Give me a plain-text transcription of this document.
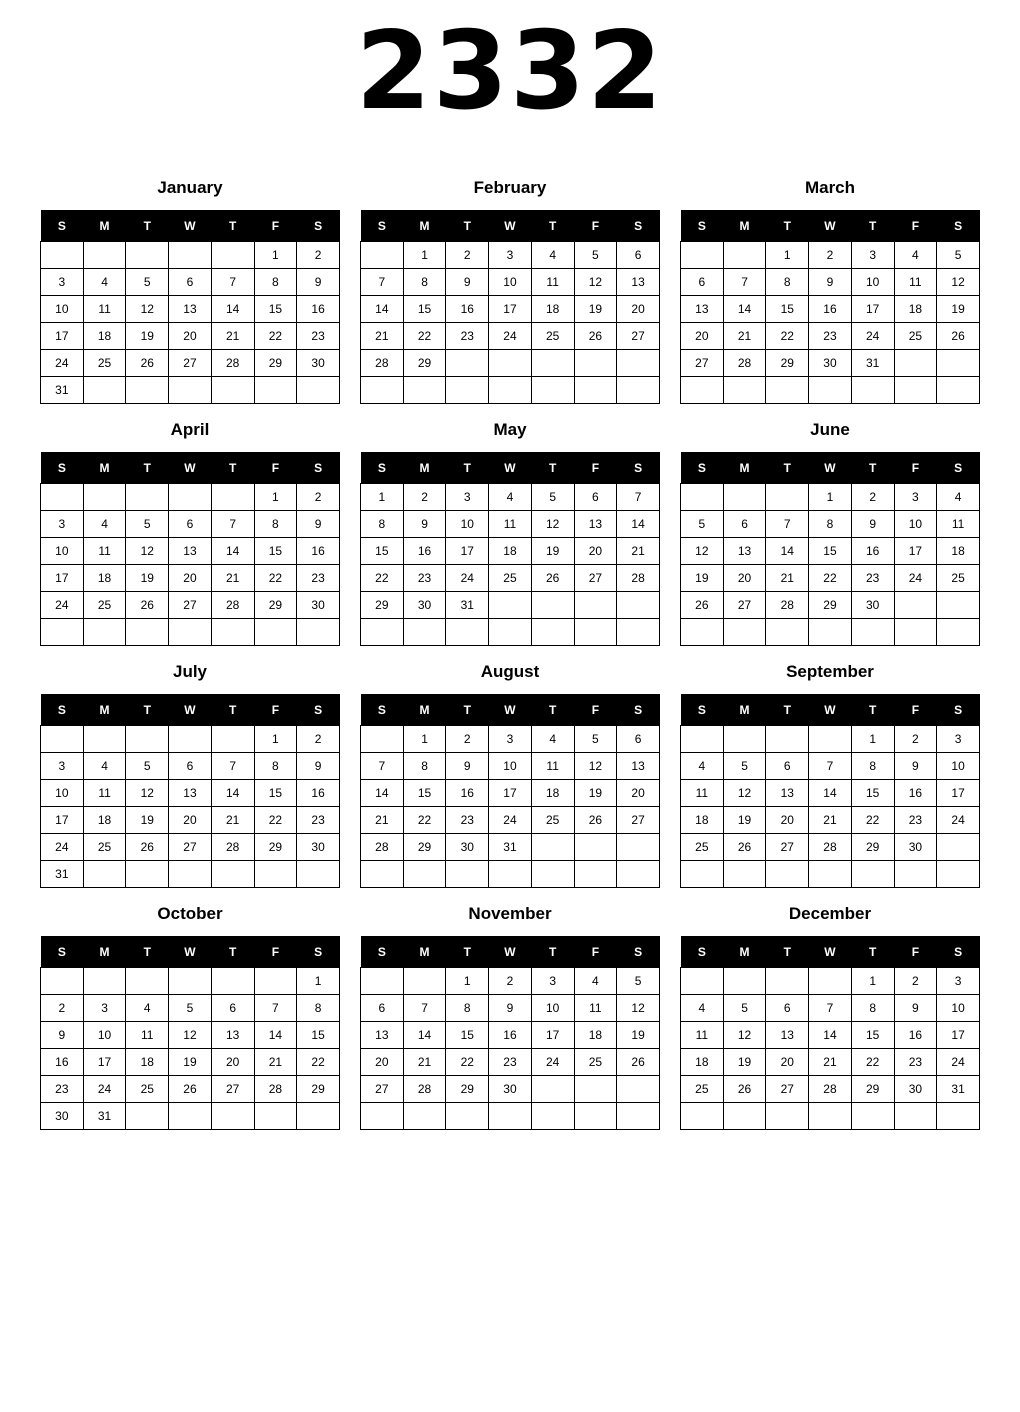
2332
January
S	M	T	W	T	F	S
					1	2
3	4	5	6	7	8	9
10	11	12	13	14	15	16
17	18	19	20	21	22	23
24	25	26	27	28	29	30
31						
February
S	M	T	W	T	F	S
	1	2	3	4	5	6
7	8	9	10	11	12	13
14	15	16	17	18	19	20
21	22	23	24	25	26	27
28	29					

March
S	M	T	W	T	F	S
		1	2	3	4	5
6	7	8	9	10	11	12
13	14	15	16	17	18	19
20	21	22	23	24	25	26
27	28	29	30	31		

April
S	M	T	W	T	F	S
					1	2
3	4	5	6	7	8	9
10	11	12	13	14	15	16
17	18	19	20	21	22	23
24	25	26	27	28	29	30

May
S	M	T	W	T	F	S
1	2	3	4	5	6	7
8	9	10	11	12	13	14
15	16	17	18	19	20	21
22	23	24	25	26	27	28
29	30	31				

June
S	M	T	W	T	F	S
			1	2	3	4
5	6	7	8	9	10	11
12	13	14	15	16	17	18
19	20	21	22	23	24	25
26	27	28	29	30		

July
S	M	T	W	T	F	S
					1	2
3	4	5	6	7	8	9
10	11	12	13	14	15	16
17	18	19	20	21	22	23
24	25	26	27	28	29	30
31						
August
S	M	T	W	T	F	S
	1	2	3	4	5	6
7	8	9	10	11	12	13
14	15	16	17	18	19	20
21	22	23	24	25	26	27
28	29	30	31			

September
S	M	T	W	T	F	S
				1	2	3
4	5	6	7	8	9	10
11	12	13	14	15	16	17
18	19	20	21	22	23	24
25	26	27	28	29	30	

October
S	M	T	W	T	F	S
						1
2	3	4	5	6	7	8
9	10	11	12	13	14	15
16	17	18	19	20	21	22
23	24	25	26	27	28	29
30	31					
November
S	M	T	W	T	F	S
		1	2	3	4	5
6	7	8	9	10	11	12
13	14	15	16	17	18	19
20	21	22	23	24	25	26
27	28	29	30			

December
S	M	T	W	T	F	S
				1	2	3
4	5	6	7	8	9	10
11	12	13	14	15	16	17
18	19	20	21	22	23	24
25	26	27	28	29	30	31
